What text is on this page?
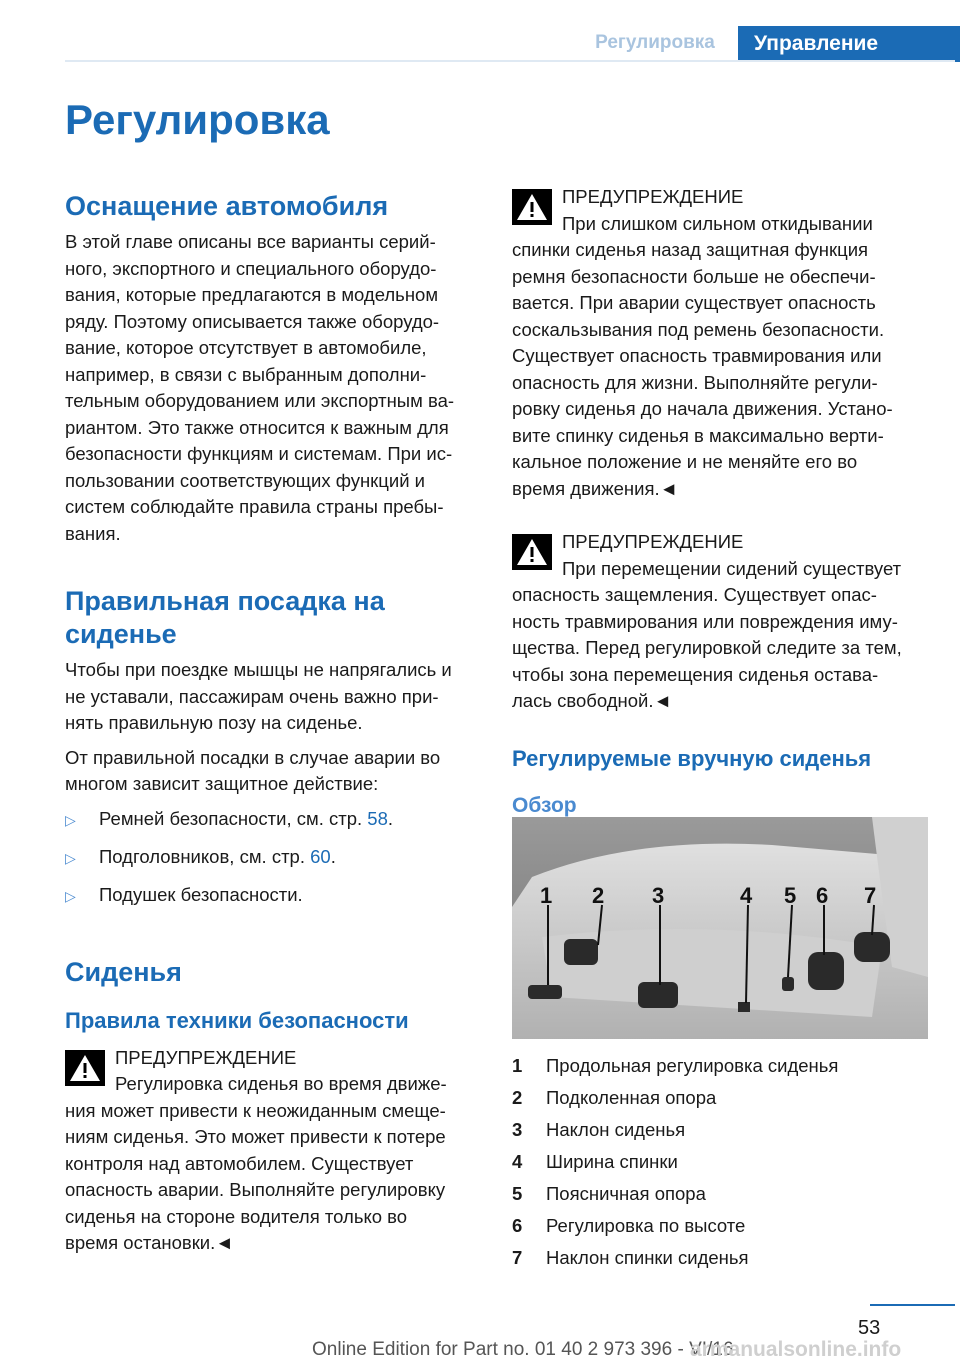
Регулировка	Управление
Регулировка
Оснащение автомобиля

В этой главе описаны все варианты серий-

ного, экспортного и специального оборудо-

вания, которые предлагаются в модельном

ряду. Поэтому описывается также оборудо-

вание, которое отсутствует в автомобиле,

например, в связи с выбранным дополни-

тельным оборудованием или экспортным ва-

риантом. Это также относится к важным для

безопасности функциям и системам. При ис-

пользовании соответствующих функций и

систем соблюдайте правила страны пребы-

вания.

Правильная посадка на
сиденье

Чтобы при поездке мышцы не напрягались и

не уставали, пассажирам очень важно при-

нять правильную позу на сиденье.

От правильной посадки в случае аварии во

многом зависит защитное действие:

▷	Ремней безопасности, см. стр. 58.
▷	Подголовников, см. стр. 60.
▷	Подушек безопасности.
Сиденья
Правила техники безопасности

ПРЕДУПРЕЖДЕНИЕ

Регулировка сиденья во время движе-

ния может привести к неожиданным смеще-

ниям сиденья. Это может привести к потере

контроля над автомобилем. Существует

опасность аварии. Выполняйте регулировку

сиденья на стороне водителя только во

время остановки.◄

ПРЕДУПРЕЖДЕНИЕ

При слишком сильном откидывании

спинки сиденья назад защитная функция

ремня безопасности больше не обеспечи-

вается. При аварии существует опасность

соскальзывания под ремень безопасности.

Существует опасность травмирования или

опасность для жизни. Выполняйте регули-

ровку сиденья до начала движения. Устано-

вите спинку сиденья в максимально верти-

кальное положение и не меняйте его во

время движения.◄

ПРЕДУПРЕЖДЕНИЕ

При перемещении сидений существует

опасность защемления. Существует опас-

ность травмирования или повреждения иму-

щества. Перед регулировкой следите за тем,

чтобы зона перемещения сиденья остава-

лась свободной.◄

Регулируемые вручную сиденья
Обзор
1 2 3	4 5 6 7
1	Продольная регулировка сиденья
2	Подколенная опора
3	Наклон сиденья
4	Ширина спинки
5	Поясничная опора
6	Регулировка по высоте
7	Наклон спинки сиденья
53
Online Edition for Part no. 01 40 2 973 396 - VI/16
armanualsonline.info
